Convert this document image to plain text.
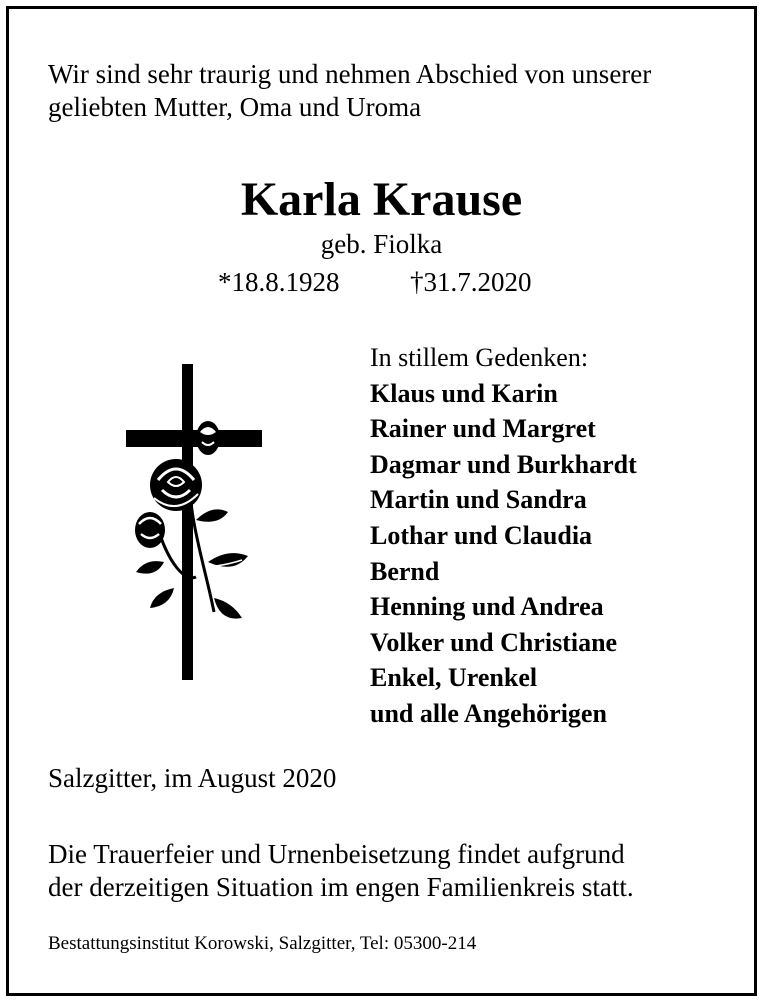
Wir sind sehr traurig und nehmen Abschied von unserer
geliebten Mutter, Oma und Uroma
Karla Krause
geb. Fiolka
*18.8.1928	†31.7.2020
In stillem Gedenken:
Klaus und Karin
Rainer und Margret
Dagmar und Burkhardt
Martin und Sandra
Lothar und Claudia
Bernd
Henning und Andrea
Volker und Christiane
Enkel, Urenkel
und alle Angehörigen
Salzgitter, im August 2020
Die Trauerfeier und Urnenbeisetzung findet aufgrund
der derzeitigen Situation im engen Familienkreis statt.
Bestattungsinstitut Korowski, Salzgitter, Tel: 05300-214
